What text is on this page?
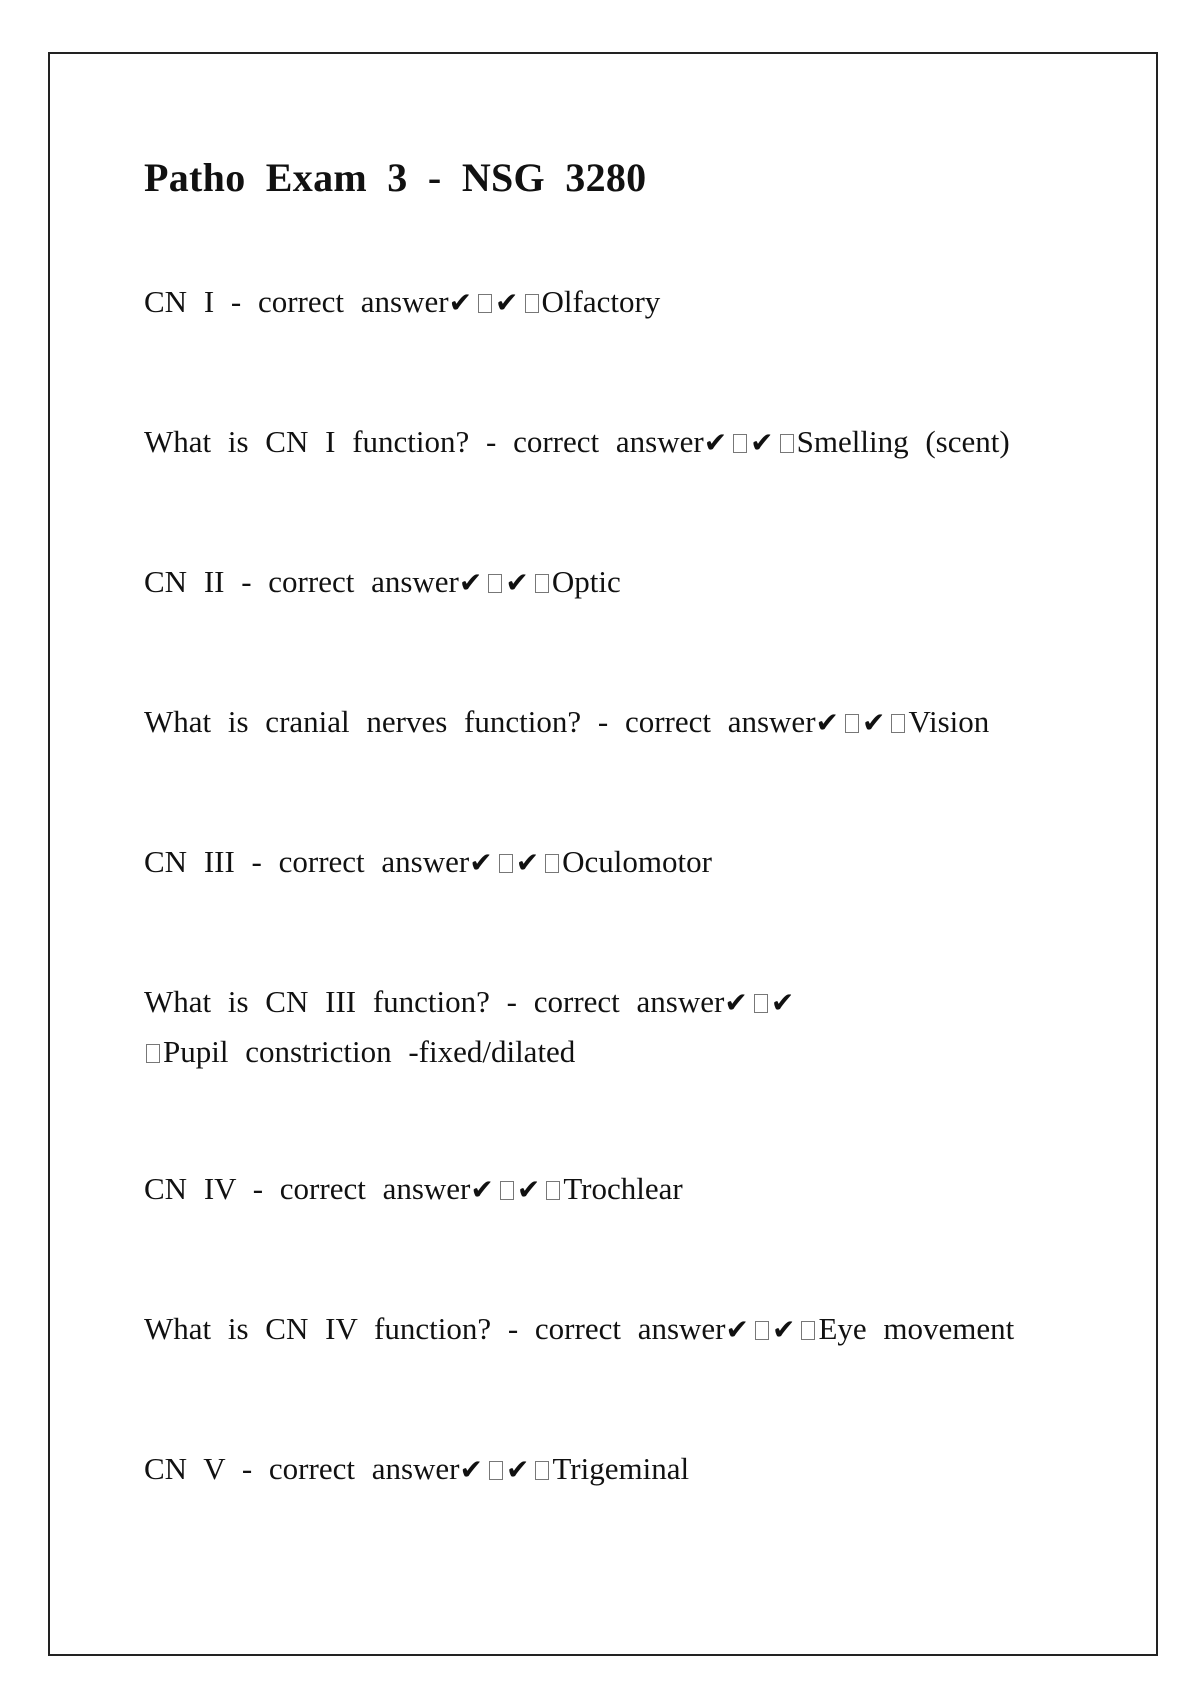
Patho Exam 3 - NSG 3280
CN I - correct answer✔ ✔ Olfactory
What is CN I function? - correct answer✔ ✔ Smelling (scent)
CN II - correct answer✔ ✔ Optic
What is cranial nerves function? - correct answer✔ ✔ Vision
CN III - correct answer✔ ✔ Oculomotor
What is CN III function? - correct answer✔ ✔
Pupil constriction -fixed/dilated
CN IV - correct answer✔ ✔ Trochlear
What is CN IV function? - correct answer✔ ✔ Eye movement
CN V - correct answer✔ ✔ Trigeminal
